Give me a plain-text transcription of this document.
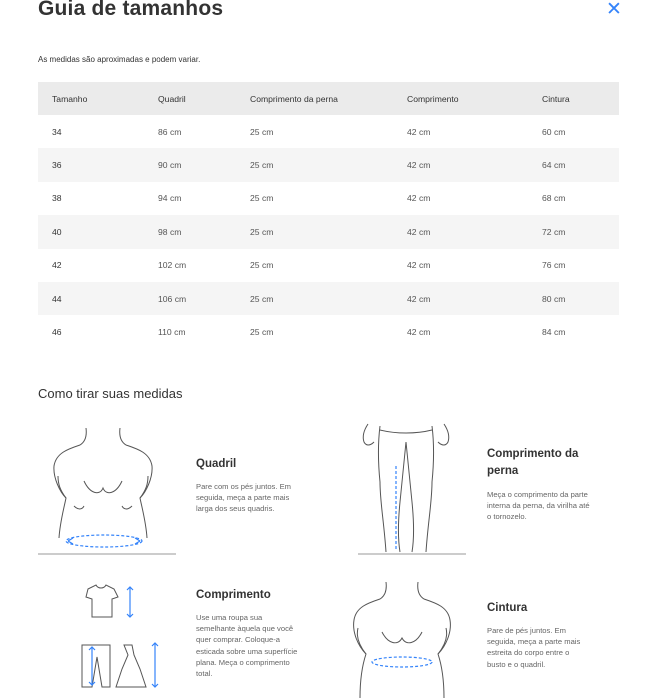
Guia de tamanhos	✕
As medidas são aproximadas e podem variar.
Tamanho	Quadril	Comprimento da perna	Comprimento	Cintura
34	86 cm	25 cm	42 cm	60 cm
36	90 cm	25 cm	42 cm	64 cm
38	94 cm	25 cm	42 cm	68 cm
40	98 cm	25 cm	42 cm	72 cm
42	102 cm	25 cm	42 cm	76 cm
44	106 cm	25 cm	42 cm	80 cm
46	110 cm	25 cm	42 cm	84 cm
Como tirar suas medidas
Quadril
Pare com os pés juntos. Em
seguida, meça a parte mais
larga dos seus quadris.
Comprimento da
perna
Meça o comprimento da parte
interna da perna, da virilha até
o tornozelo.
Comprimento
Use uma roupa sua
semelhante àquela que você
quer comprar. Coloque-a
esticada sobre uma superfície
plana. Meça o comprimento
total.
Cintura
Pare de pés juntos. Em
seguida, meça a parte mais
estreita do corpo entre o
busto e o quadril.
